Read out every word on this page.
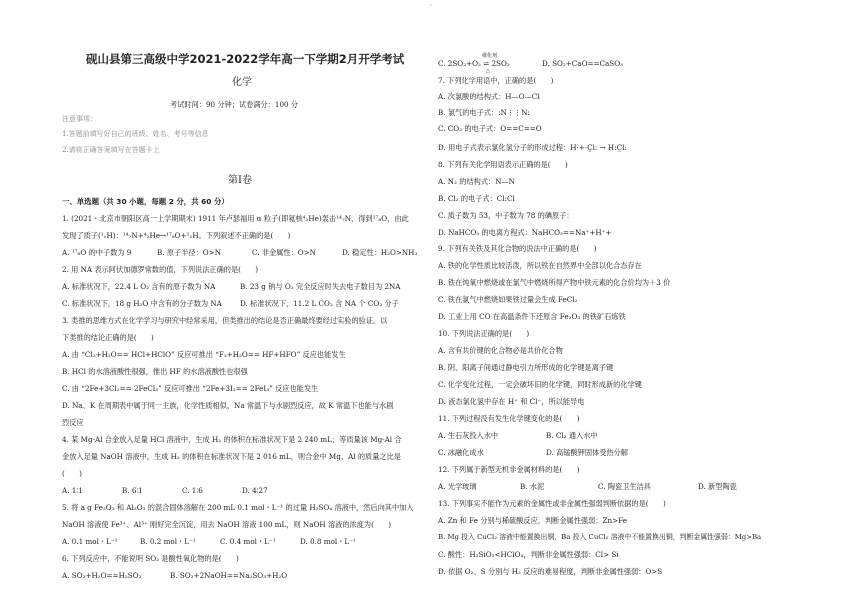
'
砚山县第三高级中学2021-2022学年高一下学期2月开学考试
化学
考试时间：90 分钟；试卷满分：100 分
注意事项：
1.答题前填写好自己的班级、姓名、考号等信息
2.请将正确答案填写在答题卡上
第Ⅰ卷
一、单选题（共 30 小题，每题 2 分，共 60 分）
1. (2021・北京市朝阳区高一上学期期末) 1911 年卢瑟福用 α 粒子(即氦核⁴₂He)轰击¹⁴₇N，得到¹⁷₈O，由此
发现了质子(¹₁H)：¹⁴₇N+⁴₂He→¹⁷₈O+¹₁H。下列叙述不正确的是(　　)
A. ¹⁷₈O 的中子数为 9	B. 原子半径：O>N	C. 非金属性：O>N	D. 稳定性：H₂O>NH₃
2. 用 NA 表示阿伏加德罗常数的值，下列说法正确的是(　　)
A. 标准状况下，22.4 L O₂ 含有的原子数为 NA	B. 23 g 钠与 O₂ 完全反应时失去电子数目为 2NA
C. 标准状况下，18 g H₂O 中含有的分子数为 NA	D. 标准状况下，11.2 L CO₂ 含 NA 个 CO₂ 分子
3. 类推的思维方式在化学学习与研究中经常采用，但类推出的结论是否正确最终要经过实验的验证。以
下类推的结论正确的是(　　)
A. 由 “Cl₂+H₂O== HCl+HClO” 反应可推出 “F₂+H₂O== HF+HFO” 反应也能发生
B. HCl 的水溶液酸性很强，推出 HF 的水溶液酸性也很强
C. 由 “2Fe+3Cl₂== 2FeCl₃” 反应可推出 “2Fe+3I₂== 2FeI₃” 反应也能发生
D. Na、K 在周期表中属于同一主族，化学性质相似，Na 常温下与水剧烈反应，故 K 常温下也能与水剧
烈反应
4. 某 Mg-Al 合金放入足量 HCl 溶液中，生成 H₂ 的体积在标准状况下是 2 240 mL；等质量该 Mg-Al 合
金放入足量 NaOH 溶液中，生成 H₂ 的体积在标准状况下是 2 016 mL，则合金中 Mg、Al 的质量之比是
(　　)
A. 1∶1	B. 6∶1	C. 1∶6	D. 4∶27
5. 将 a g Fe₂O₃ 和 Al₂O₃ 的混合固体溶解在 200 mL 0.1 mol・L⁻¹ 的过量 H₂SO₄ 溶液中，然后向其中加入
NaOH 溶液使 Fe³⁺、Al³⁺ 刚好完全沉淀，用去 NaOH 溶液 100 mL，则 NaOH 溶液的浓度为(　　)
A. 0.1 mol・L⁻¹	B. 0.2 mol・L⁻¹	C. 0.4 mol・L⁻¹	D. 0.8 mol・L⁻¹
6. 下列反应中，不能说明 SO₂ 是酸性氧化物的是(　　)
A. SO₂+H₂O==H₂SO₃	B. SO₂+2NaOH==Na₂SO₃+H₂O
催化剂
C. 2SO₂+O₂ ⇌ 2SO₃	D. SO₂+CaO==CaSO₃
△
7. 下列化学用语中，正确的是(　　)
A. 次氯酸的结构式：H—O—Cl
B. 氯气的电子式：:N⋮⋮N:
C. CO₂ 的电子式：O==C==O
D. 用电子式表示氯化氢分子的形成过程：H·+·C̤l: → H:C̤l:
8. 下列有关化学用语表示正确的是(　　)
A. N₂ 的结构式：N—N
B. Cl₂ 的电子式：Cl:Cl
C. 质子数为 53，中子数为 78 的碘原子：
D. NaHCO₃ 的电离方程式：NaHCO₃==Na⁺+H⁺+
9. 下列有关铁及其化合物的说法中正确的是(　　)
A. 铁的化学性质比较活泼，所以铁在自然界中全部以化合态存在
B. 铁在纯氧中燃烧或在氯气中燃烧所得产物中铁元素的化合价均为＋3 价
C. 铁在氯气中燃烧如果铁过量会生成 FeCl₂
D. 工业上用 CO 在高温条件下还原含 Fe₂O₃ 的铁矿石炼铁
10. 下列说法正确的是(　　)
A. 含有共价键的化合物必是共价化合物
B. 阴、阳离子间通过静电引力所形成的化学键是离子键
C. 化学变化过程，一定会破坏旧的化学键，同时形成新的化学键
D. 液态氯化氢中存在 H⁺ 和 Cl⁻，所以能导电
11. 下列过程没有发生化学键变化的是(　　)
A. 生石灰投入水中	B. Cl₂ 通入水中
C. 冰融化成水	D. 高锰酸钾固体受热分解
12. 下列属于新型无机非金属材料的是(　　)
A. 光学玻璃	B. 水泥	C. 陶瓷卫生洁具	D. 新型陶瓷
13. 下列事实不能作为元素的金属性或非金属性强弱判断依据的是(　　)
A. Zn 和 Fe 分别与稀硫酸反应，判断金属性强弱：Zn>Fe
B. Mg 投入 CuCl₂ 溶液中能置换出铜，Ba 投入 CuCl₂ 溶液中不能置换出铜，判断金属性强弱：Mg>Ba
C. 酸性：H₂SiO₃<HClO₄，判断非金属性强弱：Cl> Si
D. 依据 O₂、S 分别与 H₂ 反应的难易程度，判断非金属性强弱：O>S
